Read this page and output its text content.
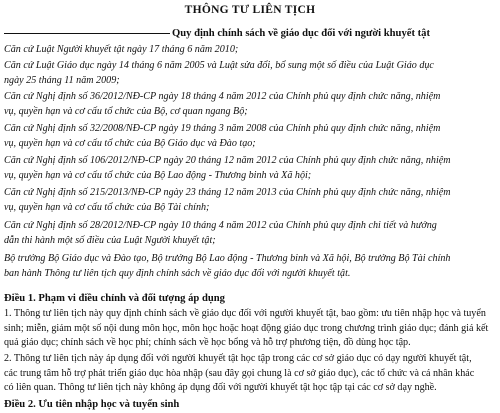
THÔNG TƯ LIÊN TỊCH
Quy định chính sách về giáo dục đối với người khuyết tật
Căn cứ Luật Người khuyết tật ngày 17 tháng 6 năm 2010;
Căn cứ Luật Giáo dục ngày 14 tháng 6 năm 2005 và Luật sửa đổi, bổ sung một số điều của Luật Giáo dục
ngày 25 tháng 11 năm 2009;
Căn cứ Nghị định số 36/2012/NĐ-CP ngày 18 tháng 4 năm 2012 của Chính phủ quy định chức năng, nhiệm
vụ, quyền hạn và cơ cấu tổ chức của Bộ, cơ quan ngang Bộ;
Căn cứ Nghị định số 32/2008/NĐ-CP ngày 19 tháng 3 năm 2008 của Chính phủ quy định chức năng, nhiệm
vụ, quyền hạn và cơ cấu tổ chức của Bộ Giáo dục và Đào tạo;
Căn cứ Nghị định số 106/2012/NĐ-CP ngày 20 tháng 12 năm 2012 của Chính phủ quy định chức năng, nhiệm
vụ, quyền hạn và cơ cấu tổ chức của Bộ Lao động - Thương binh và Xã hội;
Căn cứ Nghị định số 215/2013/NĐ-CP ngày 23 tháng 12 năm 2013 của Chính phủ quy định chức năng, nhiệm
vụ, quyền hạn và cơ cấu tổ chức của Bộ Tài chính;
Căn cứ Nghị định số 28/2012/NĐ-CP ngày 10 tháng 4 năm 2012 của Chính phủ quy định chi tiết và hướng
dẫn thi hành một số điều của Luật Người khuyết tật;
Bộ trưởng Bộ Giáo dục và Đào tạo, Bộ trưởng Bộ Lao động - Thương binh và Xã hội, Bộ trưởng Bộ Tài chính
ban hành Thông tư liên tịch quy định chính sách về giáo dục đối với người khuyết tật.
Điều 1. Phạm vi điều chỉnh và đối tượng áp dụng
1. Thông tư liên tịch này quy định chính sách về giáo dục đối với người khuyết tật, bao gồm: ưu tiên nhập học và tuyển
sinh; miễn, giảm một số nội dung môn học, môn học hoặc hoạt động giáo dục trong chương trình giáo dục; đánh giá kết
quả giáo dục; chính sách về học phí; chính sách về học bổng và hỗ trợ phương tiện, đồ dùng học tập.
2. Thông tư liên tịch này áp dụng đối với người khuyết tật học tập trong các cơ sở giáo dục có dạy người khuyết tật,
các trung tâm hỗ trợ phát triển giáo dục hòa nhập (sau đây gọi chung là cơ sở giáo dục), các tổ chức và cá nhân khác
có liên quan. Thông tư liên tịch này không áp dụng đối với người khuyết tật học tập tại các cơ sở dạy nghề.
Điều 2. Ưu tiên nhập học và tuyển sinh
